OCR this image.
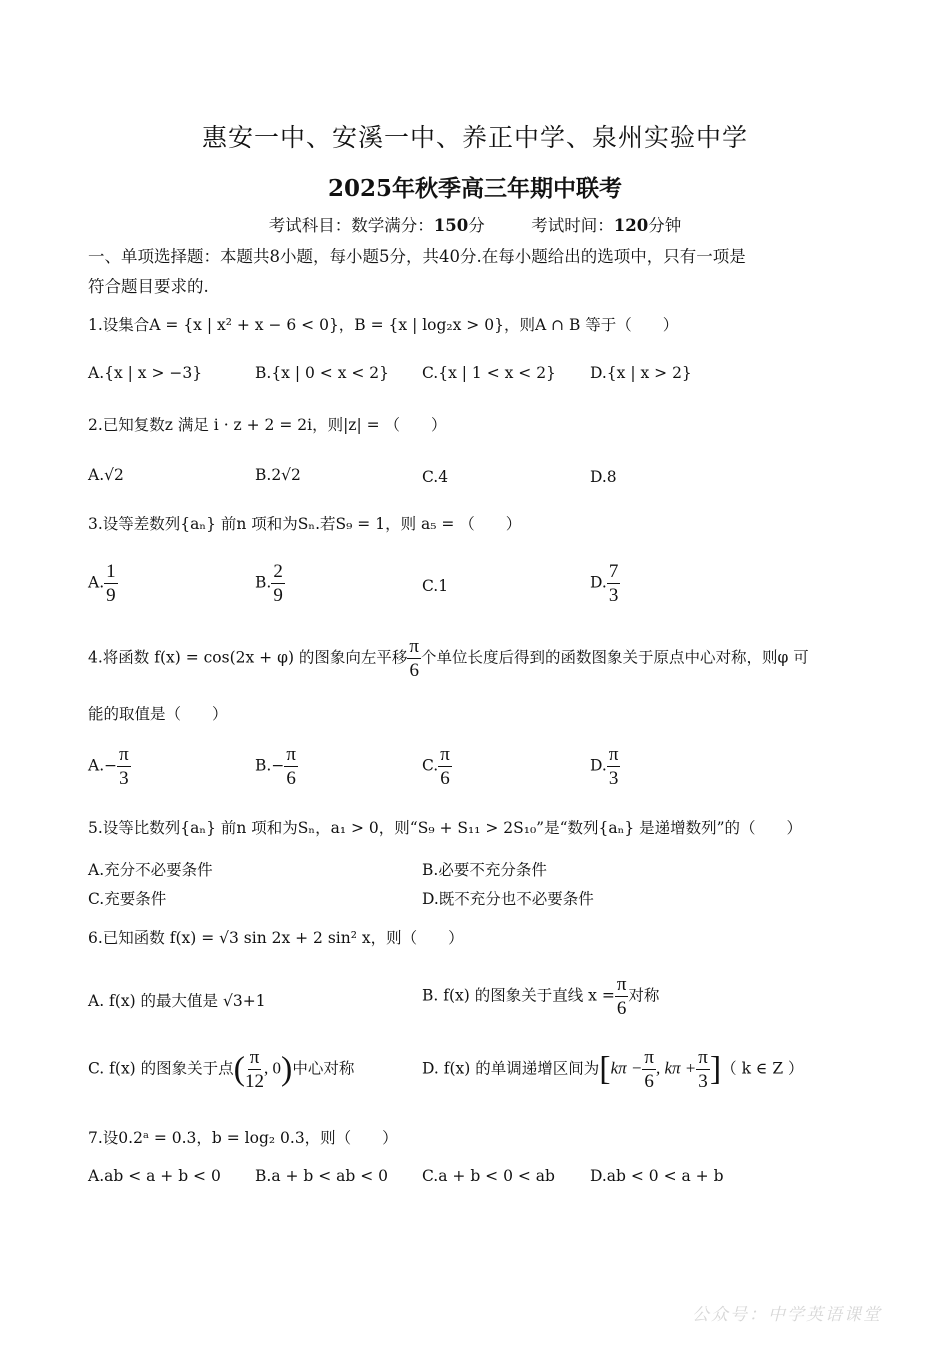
惠安一中、安溪一中、养正中学、泉州实验中学
2025年秋季高三年期中联考
考试科目：数学满分：150分	考试时间：120分钟
一、单项选择题：本题共8小题，每小题5分，共40分.在每小题给出的选项中，只有一项是
符合题目要求的.
1.设集合A = {x | x² + x − 6 < 0}，B = {x | log₂x > 0}，则A ∩ B 等于（　　）
A.{x | x > −3}	B.{x | 0 < x < 2} C.{x | 1 < x < 2} D.{x | x > 2}
2.已知复数z 满足 i · z + 2 = 2i，则|z| = （　　）
A.√2	B.2√2	C.4	D.8
3.设等差数列{aₙ} 前n 项和为Sₙ.若S₉ = 1，则 a₅ = （　　）
A. $\frac{1}{9}$	B. $\frac{2}{9}$	C.1	D. $\frac{7}{3}$
4.将函数 f(x) = cos(2x + φ) 的图象向左平移 $\frac{\pi}{6}$ 个单位长度后得到的函数图象关于原点中心对称，则φ 可
能的取值是（　　）
$A.- \frac{\pi}{3}$	$B.- \frac{\pi}{6}$	C. $\frac{\pi}{6}$	D. $\frac{\pi}{3}$
5.设等比数列{aₙ} 前n 项和为Sₙ，a₁ > 0，则“S₉ + S₁₁ > 2S₁₀”是“数列{aₙ} 是递增数列”的（　　）
A.充分不必要条件	B.必要不充分条件
C.充要条件	D.既不充分也不必要条件
6.已知函数 f(x) = √3 sin 2x + 2 sin² x，则（　　）
A. f(x) 的最大值是 √3+1	B. f(x) 的图象关于直线 $x = \frac{\pi}{6}$ 对称
C. f(x) 的图象关于点( $\frac{\pi}{12}$ , 0)中心对称	D. f(x) 的单调递增区间为[$k\pi - \frac{\pi}{6}$ , $k\pi + \frac{\pi}{3}$ ]（ k ∈ Z ）
7.设0.2ᵃ = 0.3，b = log₂ 0.3，则（　　）
A.ab < a + b < 0 B.a + b < ab < 0 C.a + b < 0 < ab D.ab < 0 < a + b
公众号：中学英语课堂
